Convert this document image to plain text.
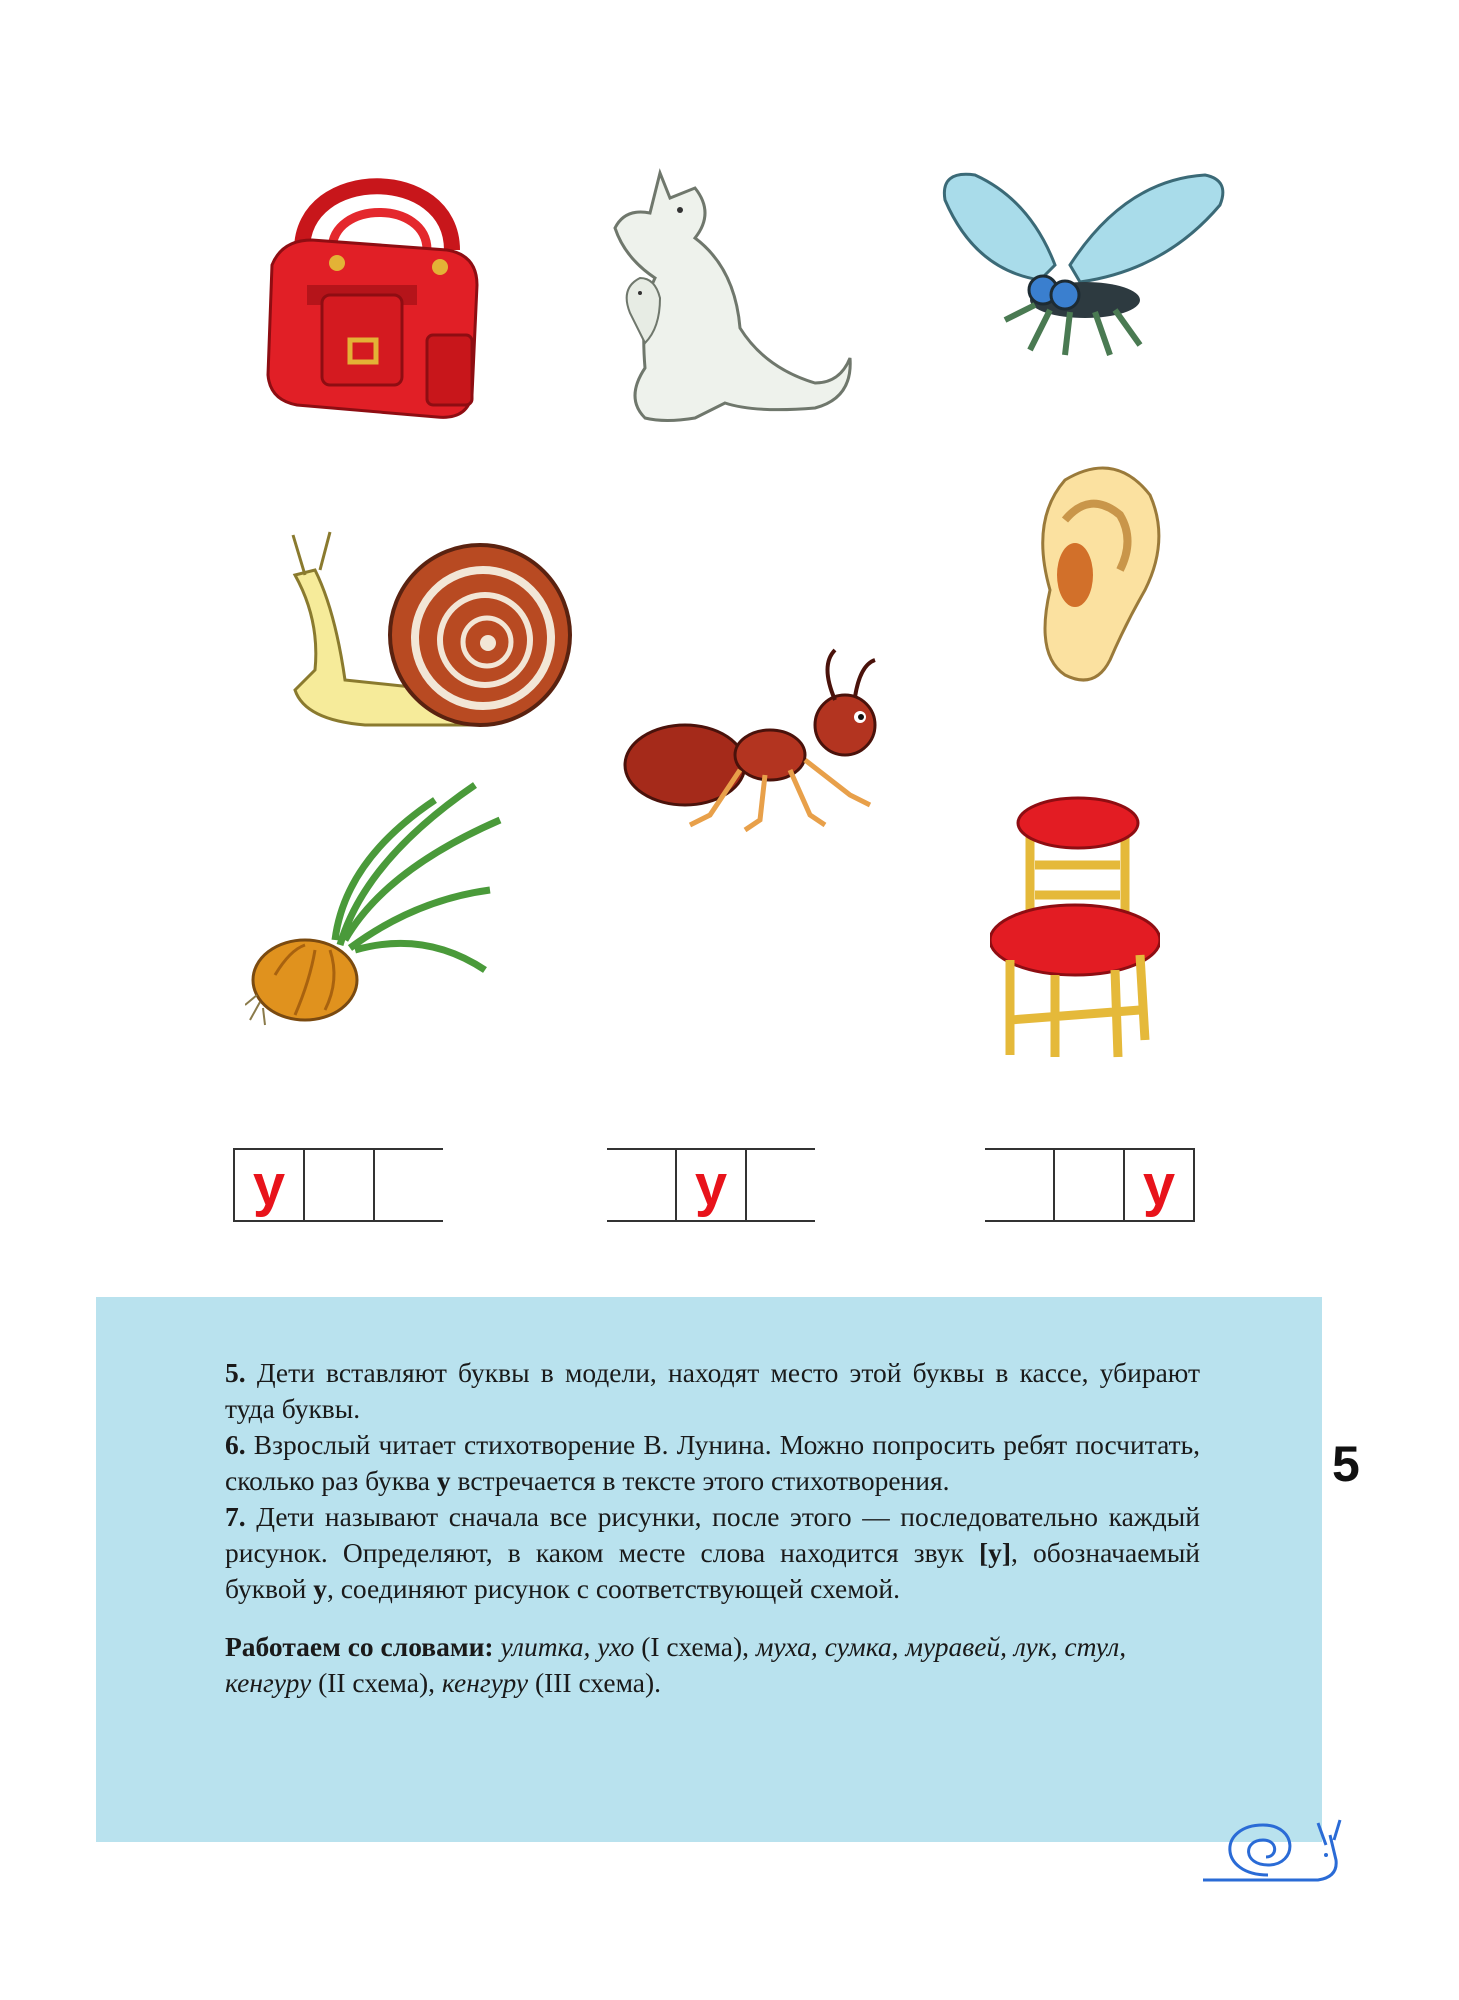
у	у	у

5. Дети вставляют буквы в модели, находят место этой буквы в кассе, убирают туда буквы.

6. Взрослый читает стихотворение В. Лунина. Можно попросить ребят посчитать, сколько раз буква у встречается в тексте этого стихотворения.

7. Дети называют сначала все рисунки, после этого — последовательно каждый рисунок. Определяют, в каком месте слова находится звук [у], обозначаемый буквой у, соединяют рисунок с соответствующей схемой.

Работаем со словами: улитка, ухо (I схема), муха, сумка, муравей, лук, стул, кенгуру (II схема), кенгуру (III схема).

5
